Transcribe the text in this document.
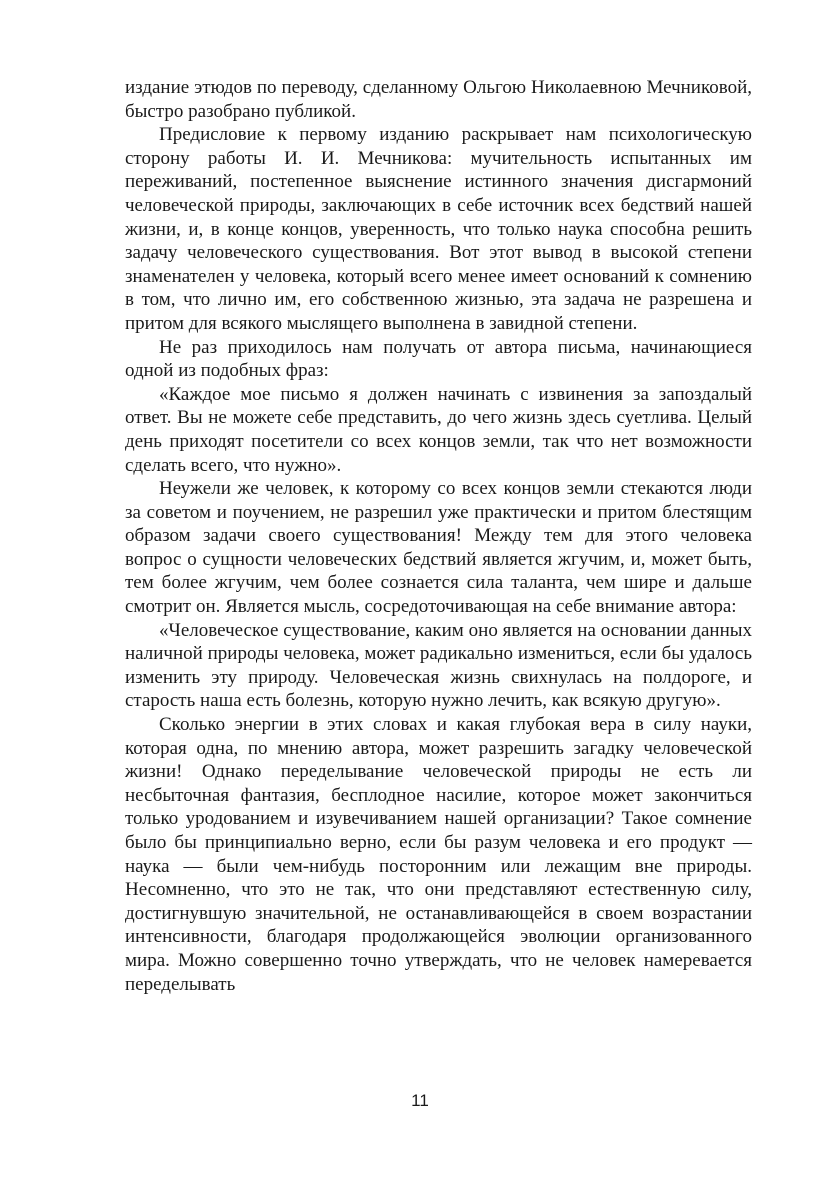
издание этюдов по переводу, сделанному Ольгою Николаевною Мечниковой, быстро разобрано публикой.

Предисловие к первому изданию раскрывает нам психологическую сторону работы И. И. Мечникова: мучительность испытанных им переживаний, постепенное выяснение истинного значения дисгармоний человеческой природы, заключающих в себе источник всех бедствий нашей жизни, и, в конце концов, уверенность, что только наука способна решить задачу человеческого существования. Вот этот вывод в высокой степени знаменателен у человека, который всего менее имеет оснований к сомнению в том, что лично им, его собственною жизнью, эта задача не разрешена и притом для всякого мыслящего выполнена в завидной степени.

Не раз приходилось нам получать от автора письма, начинающиеся одной из подобных фраз:

«Каждое мое письмо я должен начинать с извинения за запоздалый ответ. Вы не можете себе представить, до чего жизнь здесь суетлива. Целый день приходят посетители со всех концов земли, так что нет возможности сделать всего, что нужно».

Неужели же человек, к которому со всех концов земли стекаются люди за советом и поучением, не разрешил уже практически и притом блестящим образом задачи своего существования! Между тем для этого человека вопрос о сущности человеческих бедствий является жгучим, и, может быть, тем более жгучим, чем более сознается сила таланта, чем шире и дальше смотрит он. Является мысль, сосредоточивающая на себе внимание автора:

«Человеческое существование, каким оно является на основании данных наличной природы человека, может радикально измениться, если бы удалось изменить эту природу. Человеческая жизнь свихнулась на полдороге, и старость наша есть болезнь, которую нужно лечить, как всякую другую».

Сколько энергии в этих словах и какая глубокая вера в силу науки, которая одна, по мнению автора, может разрешить загадку человеческой жизни! Однако переделывание человеческой природы не есть ли несбыточная фантазия, бесплодное насилие, которое может закончиться только уродованием и изувечиванием нашей организации? Такое сомнение было бы принципиально верно, если бы разум человека и его продукт — наука — были чем-нибудь посторонним или лежащим вне природы. Несомненно, что это не так, что они представляют естественную силу, достигнувшую значительной, не останавливающейся в своем возрастании интенсивности, благодаря продолжающейся эволюции организованного мира. Можно совершенно точно утверждать, что не человек намеревается переделывать

11
